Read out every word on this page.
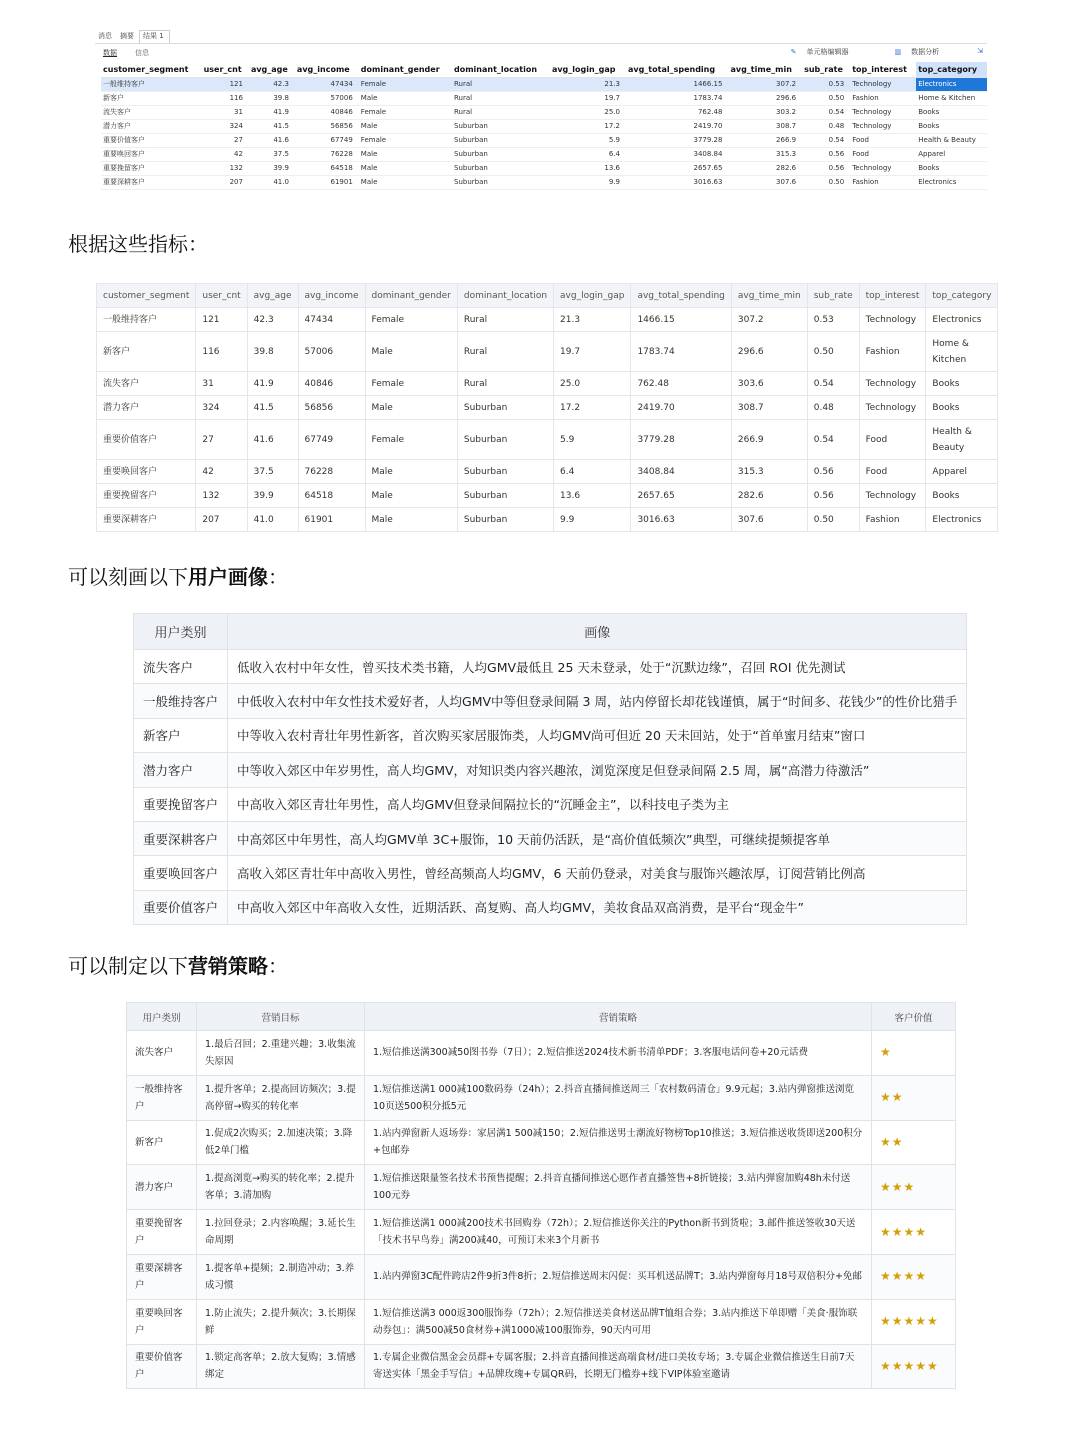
消息	摘要	结果 1
数据	信息	✎ 单元格编辑器	▥ 数据分析	⇲
customer_segment	user_cnt	avg_age	avg_income	dominant_gender	dominant_location	avg_login_gap	avg_total_spending	avg_time_min	sub_rate	top_interest	top_category
一般维持客户	121	42.3	47434	Female	Rural	21.3	1466.15	307.2	0.53	Technology	Electronics
新客户	116	39.8	57006	Male	Rural	19.7	1783.74	296.6	0.50	Fashion	Home & Kitchen
流失客户	31	41.9	40846	Female	Rural	25.0	762.48	303.2	0.54	Technology	Books
潜力客户	324	41.5	56856	Male	Suburban	17.2	2419.70	308.7	0.48	Technology	Books
重要价值客户	27	41.6	67749	Female	Suburban	5.9	3779.28	266.9	0.54	Food	Health & Beauty
重要唤回客户	42	37.5	76228	Male	Suburban	6.4	3408.84	315.3	0.56	Food	Apparel
重要挽留客户	132	39.9	64518	Male	Suburban	13.6	2657.65	282.6	0.56	Technology	Books
重要深耕客户	207	41.0	61901	Male	Suburban	9.9	3016.63	307.6	0.50	Fashion	Electronics
根据这些指标：
customer_segment	user_cnt	avg_age	avg_income	dominant_gender	dominant_location	avg_login_gap	avg_total_spending	avg_time_min	sub_rate	top_interest	top_category
一般维持客户	121	42.3	47434	Female	Rural	21.3	1466.15	307.2	0.53	Technology	Electronics
新客户	116	39.8	57006	Male	Rural	19.7	1783.74	296.6	0.50	Fashion	Home & Kitchen
流失客户	31	41.9	40846	Female	Rural	25.0	762.48	303.6	0.54	Technology	Books
潜力客户	324	41.5	56856	Male	Suburban	17.2	2419.70	308.7	0.48	Technology	Books
重要价值客户	27	41.6	67749	Female	Suburban	5.9	3779.28	266.9	0.54	Food	Health & Beauty
重要唤回客户	42	37.5	76228	Male	Suburban	6.4	3408.84	315.3	0.56	Food	Apparel
重要挽留客户	132	39.9	64518	Male	Suburban	13.6	2657.65	282.6	0.56	Technology	Books
重要深耕客户	207	41.0	61901	Male	Suburban	9.9	3016.63	307.6	0.50	Fashion	Electronics
可以刻画以下用户画像：
用户类别	画像
流失客户	低收入农村中年女性，曾买技术类书籍，人均GMV最低且 25 天未登录，处于“沉默边缘”，召回 ROI 优先测试
一般维持客户	中低收入农村中年女性技术爱好者，人均GMV中等但登录间隔 3 周，站内停留长却花钱谨慎，属于“时间多、花钱少”的性价比猎手
新客户	中等收入农村青壮年男性新客，首次购买家居服饰类，人均GMV尚可但近 20 天未回站，处于“首单蜜月结束”窗口
潜力客户	中等收入郊区中年岁男性，高人均GMV，对知识类内容兴趣浓，浏览深度足但登录间隔 2.5 周，属“高潜力待激活”
重要挽留客户	中高收入郊区青壮年男性，高人均GMV但登录间隔拉长的“沉睡金主”，以科技电子类为主
重要深耕客户	中高郊区中年男性，高人均GMV单 3C+服饰，10 天前仍活跃，是“高价值低频次”典型，可继续提频提客单
重要唤回客户	高收入郊区青壮年中高收入男性，曾经高频高人均GMV，6 天前仍登录，对美食与服饰兴趣浓厚，订阅营销比例高
重要价值客户	中高收入郊区中年高收入女性，近期活跃、高复购、高人均GMV，美妆食品双高消费，是平台“现金牛”
可以制定以下营销策略：
用户类别	营销目标	营销策略	客户价值
流失客户	1.最后召回；2.重建兴趣；3.收集流失原因	1.短信推送满300减50图书券（7日）；2.短信推送2024技术新书清单PDF；3.客服电话问卷+20元话费	★
一般维持客户	1.提升客单；2.提高回访频次；3.提高停留→购买的转化率	1.短信推送满1 000减100数码券（24h）；2.抖音直播间推送周三「农村数码清仓」9.9元起；3.站内弹窗推送浏览10页送500积分抵5元	★★
新客户	1.促成2次购买；2.加速决策；3.降低2单门槛	1.站内弹窗新人返场券：家居满1 500减150；2.短信推送男士潮流好物榜Top10推送；3.短信推送收货即送200积分+包邮券	★★
潜力客户	1.提高浏览→购买的转化率；2.提升客单；3.清加购	1.短信推送限量签名技术书预售提醒；2.抖音直播间推送心愿作者直播签售+8折链接；3.站内弹窗加购48h未付送100元券	★★★
重要挽留客户	1.拉回登录；2.内容唤醒；3.延长生命周期	1.短信推送满1 000减200技术书回购券（72h）；2.短信推送你关注的Python新书到货啦；3.邮件推送签收30天送「技术书早鸟券」满200减40，可预订未来3个月新书	★★★★
重要深耕客户	1.提客单+提频；2.制造冲动；3.养成习惯	1.站内弹窗3C配件跨店2件9折3件8折；2.短信推送周末闪促：买耳机送品牌T；3.站内弹窗每月18号双倍积分+免邮	★★★★
重要唤回客户	1.防止流失；2.提升频次；3.长期保鲜	1.短信推送满3 000返300服饰券（72h）；2.短信推送美食材送品牌T恤组合券；3.站内推送下单即赠「美食·服饰联动券包」：满500减50食材券+满1000减100服饰券，90天内可用	★★★★★
重要价值客户	1.锁定高客单；2.放大复购；3.情感绑定	1.专属企业微信黑金会员群+专属客服；2.抖音直播间推送高端食材/进口美妆专场；3.专属企业微信推送生日前7天寄送实体「黑金手写信」+品牌玫瑰+专属QR码，长期无门槛券+线下VIP体验室邀请	★★★★★
